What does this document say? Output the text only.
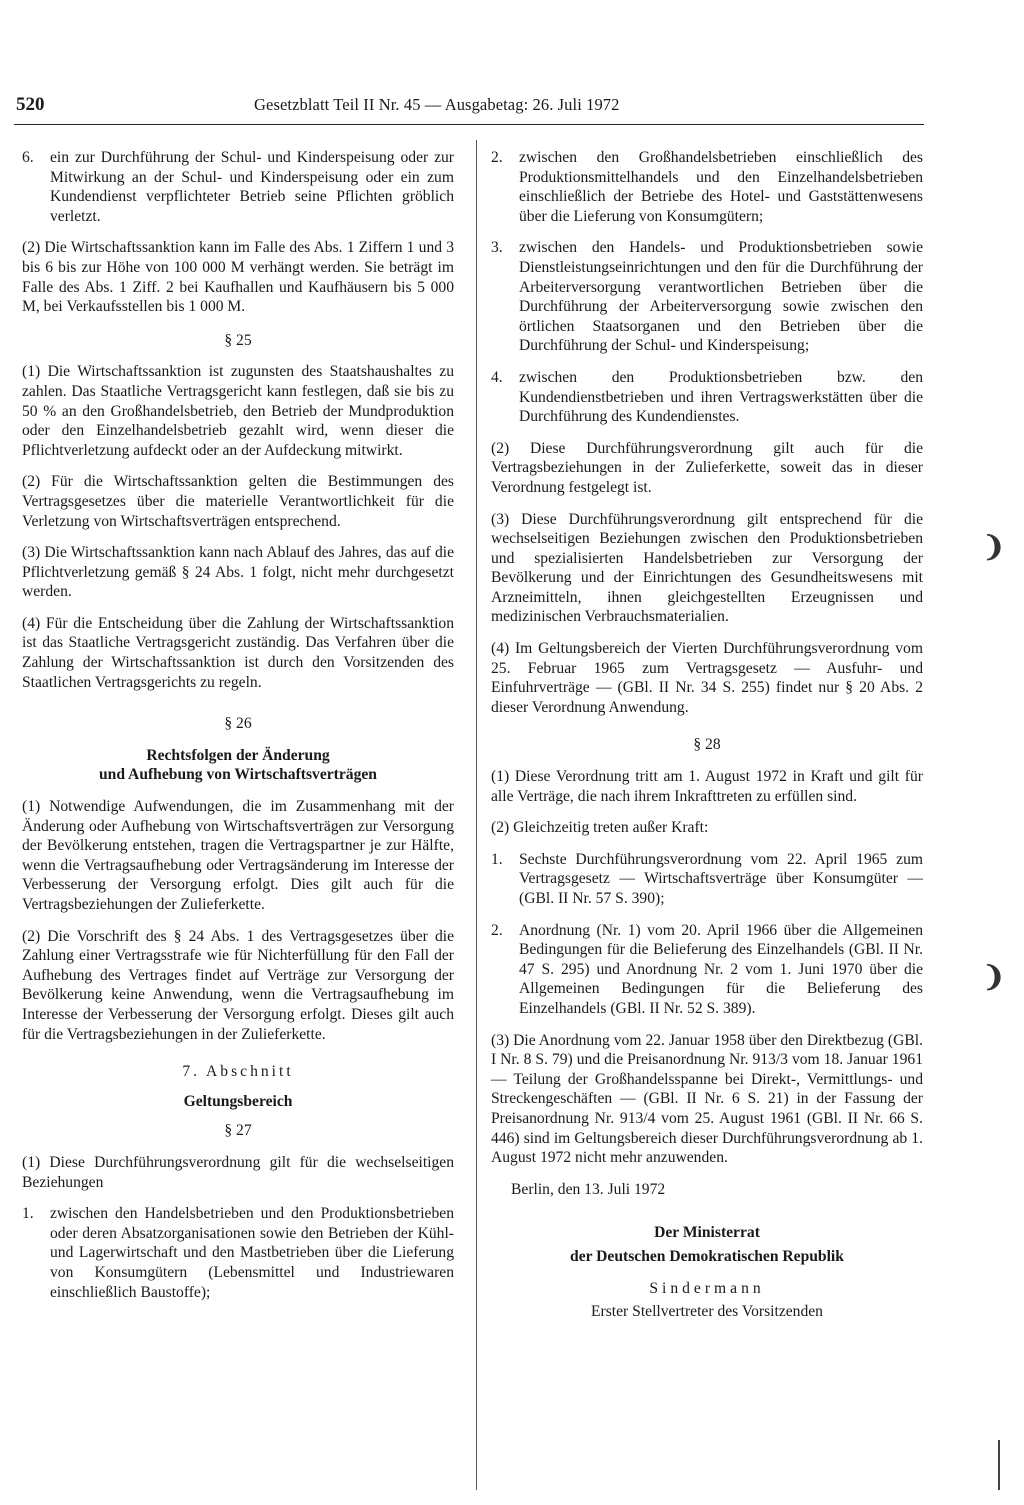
520	Gesetzblatt Teil II Nr. 45 — Ausgabetag: 26. Juli 1972
6.	ein zur Durchführung der Schul- und Kinderspeisung oder zur Mitwirkung an der Schul- und Kinderspeisung oder ein zum Kundendienst verpflichteter Betrieb seine Pflichten gröblich verletzt.

(2) Die Wirtschaftssanktion kann im Falle des Abs. 1 Ziffern 1 und 3 bis 6 bis zur Höhe von 100 000 M verhängt werden. Sie beträgt im Falle des Abs. 1 Ziff. 2 bei Kaufhallen und Kaufhäusern bis 5 000 M, bei Verkaufsstellen bis 1 000 M.

§ 25

(1) Die Wirtschaftssanktion ist zugunsten des Staatshaushaltes zu zahlen. Das Staatliche Vertragsgericht kann festlegen, daß sie bis zu 50 % an den Großhandelsbetrieb, den Betrieb der Mundproduktion oder den Einzelhandelsbetrieb gezahlt wird, wenn dieser die Pflichtverletzung aufdeckt oder an der Aufdeckung mitwirkt.

(2) Für die Wirtschaftssanktion gelten die Bestimmungen des Vertragsgesetzes über die materielle Verantwortlichkeit für die Verletzung von Wirtschaftsverträgen entsprechend.

(3) Die Wirtschaftssanktion kann nach Ablauf des Jahres, das auf die Pflichtverletzung gemäß § 24 Abs. 1 folgt, nicht mehr durchgesetzt werden.

(4) Für die Entscheidung über die Zahlung der Wirtschaftssanktion ist das Staatliche Vertragsgericht zuständig. Das Verfahren über die Zahlung der Wirtschaftssanktion ist durch den Vorsitzenden des Staatlichen Vertragsgerichts zu regeln.

§ 26

Rechtsfolgen der Änderung

und Aufhebung von Wirtschaftsverträgen

(1) Notwendige Aufwendungen, die im Zusammenhang mit der Änderung oder Aufhebung von Wirtschaftsverträgen zur Versorgung der Bevölkerung entstehen, tragen die Vertragspartner je zur Hälfte, wenn die Vertragsaufhebung oder Vertragsänderung im Interesse der Verbesserung der Versorgung erfolgt. Dies gilt auch für die Vertragsbeziehungen der Zulieferkette.

(2) Die Vorschrift des § 24 Abs. 1 des Vertragsgesetzes über die Zahlung einer Vertragsstrafe wie für Nichterfüllung für den Fall der Aufhebung des Vertrages findet auf Verträge zur Versorgung der Bevölkerung keine Anwendung, wenn die Vertragsaufhebung im Interesse der Verbesserung der Versorgung erfolgt. Dieses gilt auch für die Vertragsbeziehungen in der Zulieferkette.

7. Abschnitt

Geltungsbereich

§ 27

(1) Diese Durchführungsverordnung gilt für die wechselseitigen Beziehungen

1.	zwischen den Handelsbetrieben und den Produktionsbetrieben oder deren Absatzorganisationen sowie den Betrieben der Kühl- und Lagerwirtschaft und den Mastbetrieben über die Lieferung von Konsumgütern (Lebensmittel und Industriewaren einschließlich Baustoffe);
2.	zwischen den Großhandelsbetrieben einschließlich des Produktionsmittelhandels und den Einzelhandelsbetrieben einschließlich der Betriebe des Hotel- und Gaststättenwesens über die Lieferung von Konsumgütern;
3.	zwischen den Handels- und Produktionsbetrieben sowie Dienstleistungseinrichtungen und den für die Durchführung der Arbeiterversorgung verantwortlichen Betrieben über die Durchführung der Arbeiterversorgung sowie zwischen den örtlichen Staatsorganen und den Betrieben über die Durchführung der Schul- und Kinderspeisung;
4.	zwischen den Produktionsbetrieben bzw. den Kundendienstbetrieben und ihren Vertragswerkstätten über die Durchführung des Kundendienstes.

(2) Diese Durchführungsverordnung gilt auch für die Vertragsbeziehungen in der Zulieferkette, soweit das in dieser Verordnung festgelegt ist.

(3) Diese Durchführungsverordnung gilt entsprechend für die wechselseitigen Beziehungen zwischen den Produktionsbetrieben und spezialisierten Handelsbetrieben zur Versorgung der Bevölkerung und der Einrichtungen des Gesundheitswesens mit Arzneimitteln, ihnen gleichgestellten Erzeugnissen und medizinischen Verbrauchsmaterialien.

(4) Im Geltungsbereich der Vierten Durchführungsverordnung vom 25. Februar 1965 zum Vertragsgesetz — Ausfuhr- und Einfuhrverträge — (GBl. II Nr. 34 S. 255) findet nur § 20 Abs. 2 dieser Verordnung Anwendung.

§ 28

(1) Diese Verordnung tritt am 1. August 1972 in Kraft und gilt für alle Verträge, die nach ihrem Inkrafttreten zu erfüllen sind.

(2) Gleichzeitig treten außer Kraft:

1.	Sechste Durchführungsverordnung vom 22. April 1965 zum Vertragsgesetz — Wirtschaftsverträge über Konsumgüter — (GBl. II Nr. 57 S. 390);
2.	Anordnung (Nr. 1) vom 20. April 1966 über die Allgemeinen Bedingungen für die Belieferung des Einzelhandels (GBl. II Nr. 47 S. 295) und Anordnung Nr. 2 vom 1. Juni 1970 über die Allgemeinen Bedingungen für die Belieferung des Einzelhandels (GBl. II Nr. 52 S. 389).

(3) Die Anordnung vom 22. Januar 1958 über den Direktbezug (GBl. I Nr. 8 S. 79) und die Preisanordnung Nr. 913/3 vom 18. Januar 1961 — Teilung der Großhandelsspanne bei Direkt-, Vermittlungs- und Streckengeschäften — (GBl. II Nr. 6 S. 21) in der Fassung der Preisanordnung Nr. 913/4 vom 25. August 1961 (GBl. II Nr. 66 S. 446) sind im Geltungsbereich dieser Durchführungsverordnung ab 1. August 1972 nicht mehr anzuwenden.

Berlin, den 13. Juli 1972

Der Ministerrat

der Deutschen Demokratischen Republik

Sindermann

Erster Stellvertreter des Vorsitzenden

❩
❩
